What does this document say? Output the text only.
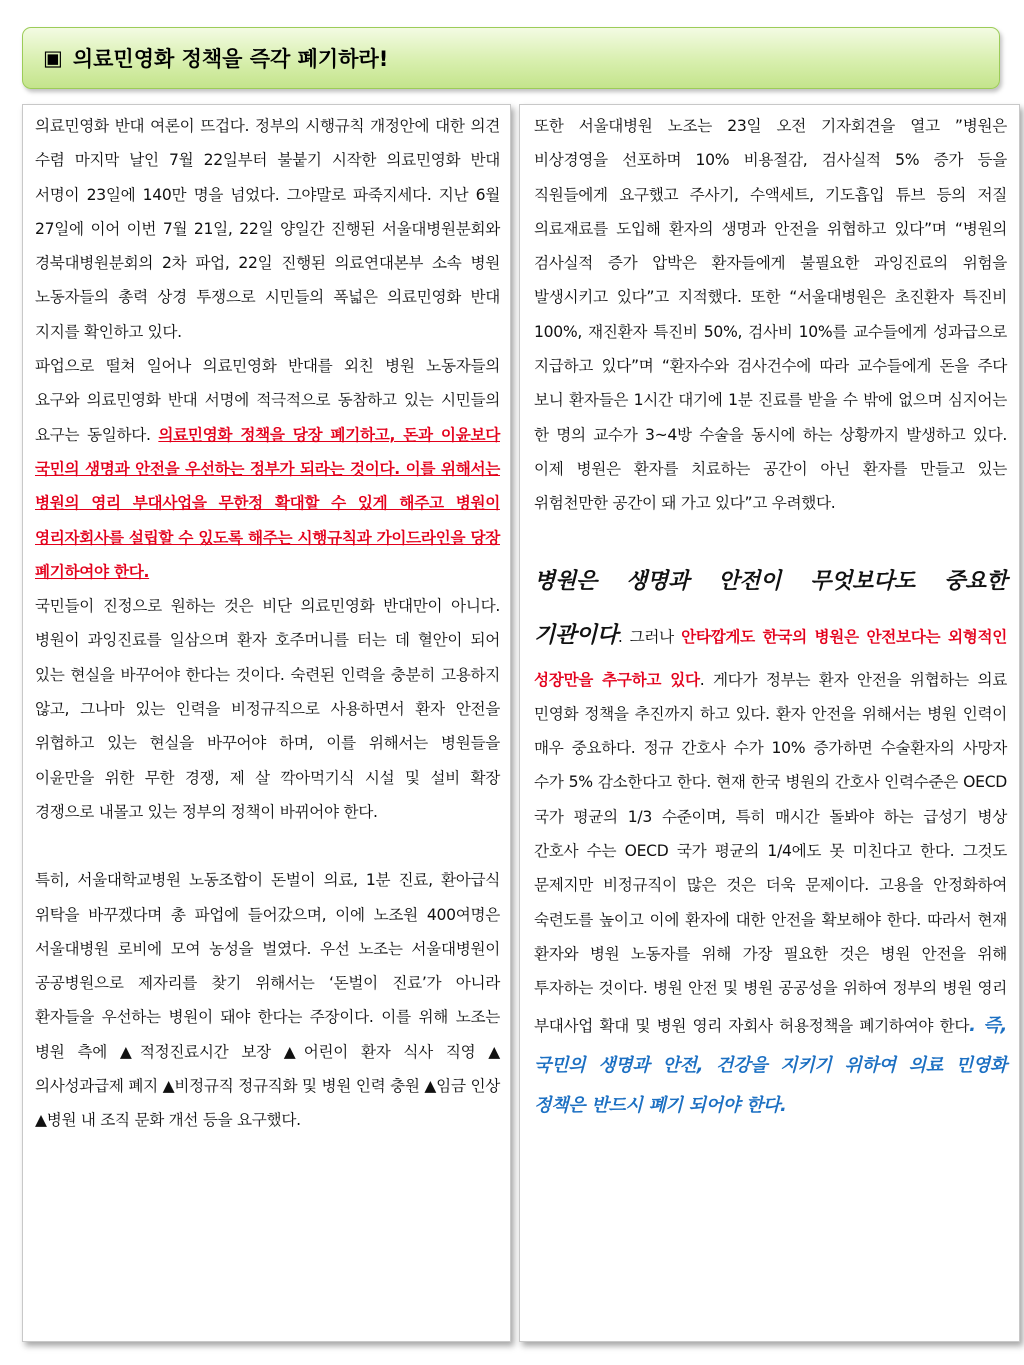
▣ 의료민영화 정책을 즉각 폐기하라!

의료민영화 반대 여론이 뜨겁다. 정부의 시행규칙 개정안에 대한 의견 수렴 마지막 날인 7월 22일부터 불붙기 시작한 의료민영화 반대 서명이 23일에 140만 명을 넘었다. 그야말로 파죽지세다. 지난 6월 27일에 이어 이번 7월 21일, 22일 양일간 진행된 서울대병원분회와 경북대병원분회의 2차 파업, 22일 진행된 의료연대본부 소속 병원 노동자들의 총력 상경 투쟁으로 시민들의 폭넓은 의료민영화 반대 지지를 확인하고 있다.

파업으로 떨쳐 일어나 의료민영화 반대를 외친 병원 노동자들의 요구와 의료민영화 반대 서명에 적극적으로 동참하고 있는 시민들의 요구는 동일하다. 의료민영화 정책을 당장 폐기하고, 돈과 이윤보다 국민의 생명과 안전을 우선하는 정부가 되라는 것이다. 이를 위해서는 병원의 영리 부대사업을 무한정 확대할 수 있게 해주고 병원이 영리자회사를 설립할 수 있도록 해주는 시행규칙과 가이드라인을 당장 폐기하여야 한다.

국민들이 진정으로 원하는 것은 비단 의료민영화 반대만이 아니다. 병원이 과잉진료를 일삼으며 환자 호주머니를 터는 데 혈안이 되어 있는 현실을 바꾸어야 한다는 것이다. 숙련된 인력을 충분히 고용하지 않고, 그나마 있는 인력을 비정규직으로 사용하면서 환자 안전을 위협하고 있는 현실을 바꾸어야 하며, 이를 위해서는 병원들을 이윤만을 위한 무한 경쟁, 제 살 깍아먹기식 시설 및 설비 확장 경쟁으로 내몰고 있는 정부의 정책이 바뀌어야 한다.

특히, 서울대학교병원 노동조합이 돈벌이 의료, 1분 진료, 환아급식 위탁을 바꾸겠다며 총 파업에 들어갔으며, 이에 노조원 400여명은 서울대병원 로비에 모여 농성을 벌였다. 우선 노조는 서울대병원이 공공병원으로 제자리를 찾기 위해서는 ‘돈벌이 진료’가 아니라 환자들을 우선하는 병원이 돼야 한다는 주장이다. 이를 위해 노조는 병원 측에 ▲적정진료시간 보장 ▲어린이 환자 식사 직영 ▲의사성과급제 폐지 ▲비정규직 정규직화 및 병원 인력 충원 ▲임금 인상 ▲병원 내 조직 문화 개선 등을 요구했다.

또한 서울대병원 노조는 23일 오전 기자회견을 열고 ”병원은 비상경영을 선포하며 10% 비용절감, 검사실적 5% 증가 등을 직원들에게 요구했고 주사기, 수액세트, 기도흡입 튜브 등의 저질 의료재료를 도입해 환자의 생명과 안전을 위협하고 있다”며 “병원의 검사실적 증가 압박은 환자들에게 불필요한 과잉진료의 위험을 발생시키고 있다”고 지적했다. 또한 “서울대병원은 초진환자 특진비 100%, 재진환자 특진비 50%, 검사비 10%를 교수들에게 성과급으로 지급하고 있다”며 “환자수와 검사건수에 따라 교수들에게 돈을 주다 보니 환자들은 1시간 대기에 1분 진료를 받을 수 밖에 없으며 심지어는 한 명의 교수가 3~4방 수술을 동시에 하는 상황까지 발생하고 있다. 이제 병원은 환자를 치료하는 공간이 아닌 환자를 만들고 있는 위험천만한 공간이 돼 가고 있다”고 우려했다.

병원은 생명과 안전이 무엇보다도 중요한 기관이다. 그러나 안타깝게도 한국의 병원은 안전보다는 외형적인 성장만을 추구하고 있다. 게다가 정부는 환자 안전을 위협하는 의료 민영화 정책을 추진까지 하고 있다. 환자 안전을 위해서는 병원 인력이 매우 중요하다. 정규 간호사 수가 10% 증가하면 수술환자의 사망자 수가 5% 감소한다고 한다. 현재 한국 병원의 간호사 인력수준은 OECD 국가 평균의 1/3 수준이며, 특히 매시간 돌봐야 하는 급성기 병상 간호사 수는 OECD 국가 평균의 1/4에도 못 미친다고 한다. 그것도 문제지만 비정규직이 많은 것은 더욱 문제이다. 고용을 안정화하여 숙련도를 높이고 이에 환자에 대한 안전을 확보해야 한다. 따라서 현재 환자와 병원 노동자를 위해 가장 필요한 것은 병원 안전을 위해 투자하는 것이다. 병원 안전 및 병원 공공성을 위하여 정부의 병원 영리 부대사업 확대 및 병원 영리 자회사 허용정책을 폐기하여야 한다. 즉, 국민의 생명과 안전, 건강을 지키기 위하여 의료 민영화 정책은 반드시 폐기 되어야 한다.
